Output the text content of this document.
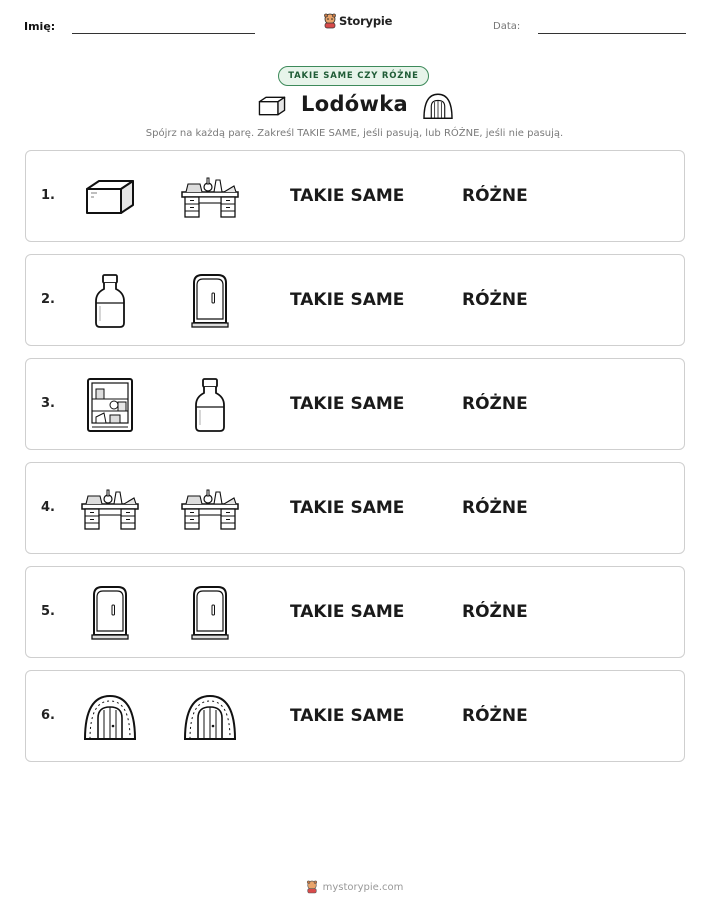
Imię:	Storypie	Data:
TAKIE SAME CZY RÓŻNE
Lodówka
Spójrz na każdą parę. Zakreśl TAKIE SAME, jeśli pasują, lub RÓŻNE, jeśli nie pasują.
1.	TAKIE SAME	RÓŻNE
2.	TAKIE SAME	RÓŻNE
3.	TAKIE SAME	RÓŻNE
4.	TAKIE SAME	RÓŻNE
5.	TAKIE SAME	RÓŻNE
6.	TAKIE SAME	RÓŻNE
mystorypie.com
